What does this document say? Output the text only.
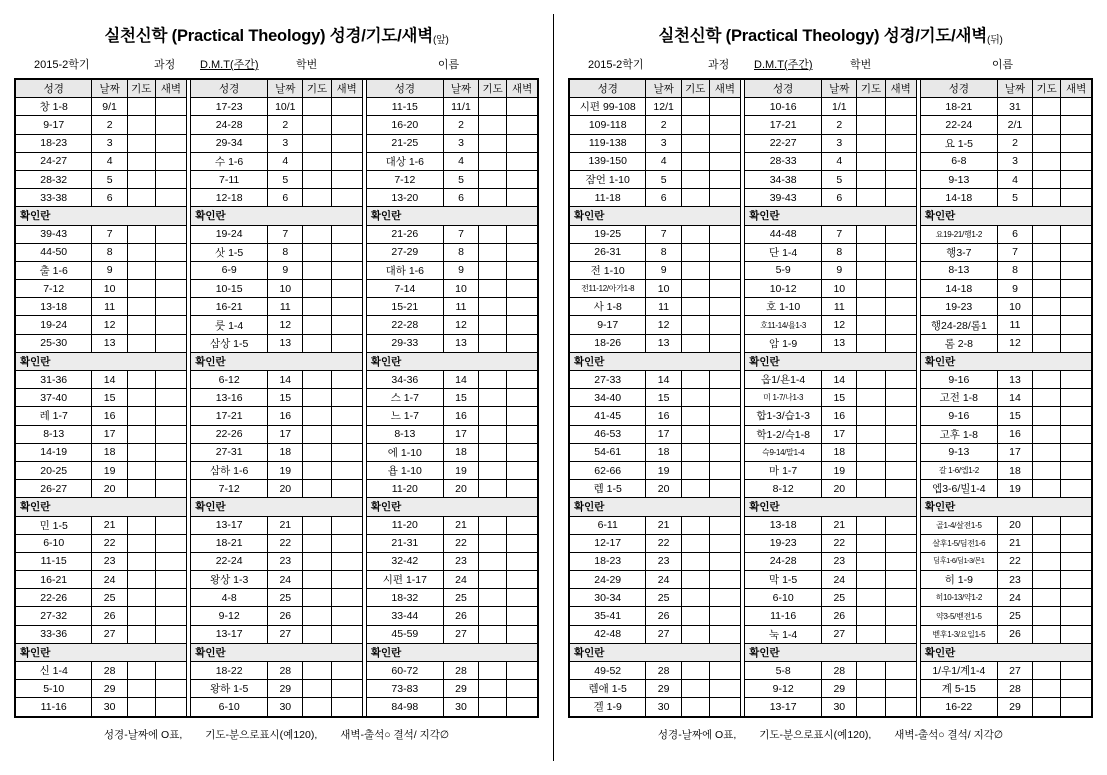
실천신학 (Practical Theology) 성경/기도/새벽(앞)
2015-2학기	과정	D.M.T(주간)	학번	이름
성경	날짜	기도	새벽		성경	날짜	기도	새벽		성경	날짜	기도	새벽
창 1-8	9/1				17-23	10/1				11-15	11/1		
9-17	2				24-28	2				16-20	2		
18-23	3				29-34	3				21-25	3		
24-27	4				수 1-6	4				대상 1-6	4		
28-32	5				7-11	5				7-12	5		
33-38	6				12-18	6				13-20	6		
확인란					확인란					확인란			
39-43	7				19-24	7				21-26	7		
44-50	8				삿 1-5	8				27-29	8		
출 1-6	9				6-9	9				대하 1-6	9		
7-12	10				10-15	10				7-14	10		
13-18	11				16-21	11				15-21	11		
19-24	12				룻 1-4	12				22-28	12		
25-30	13				삼상 1-5	13				29-33	13		
확인란					확인란					확인란			
31-36	14				6-12	14				34-36	14		
37-40	15				13-16	15				스 1-7	15		
레 1-7	16				17-21	16				느 1-7	16		
8-13	17				22-26	17				8-13	17		
14-19	18				27-31	18				에 1-10	18		
20-25	19				삼하 1-6	19				욥 1-10	19		
26-27	20				7-12	20				11-20	20		
확인란					확인란					확인란			
민 1-5	21				13-17	21				11-20	21		
6-10	22				18-21	22				21-31	22		
11-15	23				22-24	23				32-42	23		
16-21	24				왕상 1-3	24				시편 1-17	24		
22-26	25				4-8	25				18-32	25		
27-32	26				9-12	26				33-44	26		
33-36	27				13-17	27				45-59	27		
확인란					확인란					확인란			
신 1-4	28				18-22	28				60-72	28		
5-10	29				왕하 1-5	29				73-83	29		
11-16	30				6-10	30				84-98	30		
성경-날짜에 O표, 기도-분으로표시(예120), 새벽-출석○ 결석/ 지각∅
실천신학 (Practical Theology) 성경/기도/새벽(뒤)
2015-2학기	과정	D.M.T(주간)	학번	이름
성경	날짜	기도	새벽		성경	날짜	기도	새벽		성경	날짜	기도	새벽
시편 99-108	12/1				10-16	1/1				18-21	31		
109-118	2				17-21	2				22-24	2/1		
119-138	3				22-27	3				요 1-5	2		
139-150	4				28-33	4				6-8	3		
잠언 1-10	5				34-38	5				9-13	4		
11-18	6				39-43	6				14-18	5		
확인란					확인란					확인란			
19-25	7				44-48	7				요19-21/행1-2	6		
26-31	8				단 1-4	8				행3-7	7		
전 1-10	9				5-9	9				8-13	8		
전11-12/아가1-8	10				10-12	10				14-18	9		
사 1-8	11				호 1-10	11				19-23	10		
9-17	12				호11-14/욜1-3	12				행24-28/롬1	11		
18-26	13				암 1-9	13				롬 2-8	12		
확인란					확인란					확인란			
27-33	14				옵1/욘1-4	14				9-16	13		
34-40	15				미 1-7/나1-3	15				고전 1-8	14		
41-45	16				합1-3/습1-3	16				9-16	15		
46-53	17				학1-2/슥1-8	17				고후 1-8	16		
54-61	18				슥9-14/말1-4	18				9-13	17		
62-66	19				마 1-7	19				갈 1-6/엡1-2	18		
렘 1-5	20				8-12	20				엡3-6/빌1-4	19		
확인란					확인란					확인란			
6-11	21				13-18	21				골1-4/살전1-5	20		
12-17	22				19-23	22				살후1-5/딤전1-6	21		
18-23	23				24-28	23				딤후1-6/딤1-3/몬1	22		
24-29	24				막 1-5	24				히 1-9	23		
30-34	25				6-10	25				히10-13/약1-2	24		
35-41	26				11-16	26				약3-5/벧전1-5	25		
42-48	27				눅 1-4	27				벧후1-3/요일1-5	26		
확인란					확인란					확인란			
49-52	28				5-8	28				1/우1/계1-4	27		
렘애 1-5	29				9-12	29				계 5-15	28		
겔 1-9	30				13-17	30				16-22	29		
성경-날짜에 O표, 기도-분으로표시(예120), 새벽-출석○ 결석/ 지각∅
